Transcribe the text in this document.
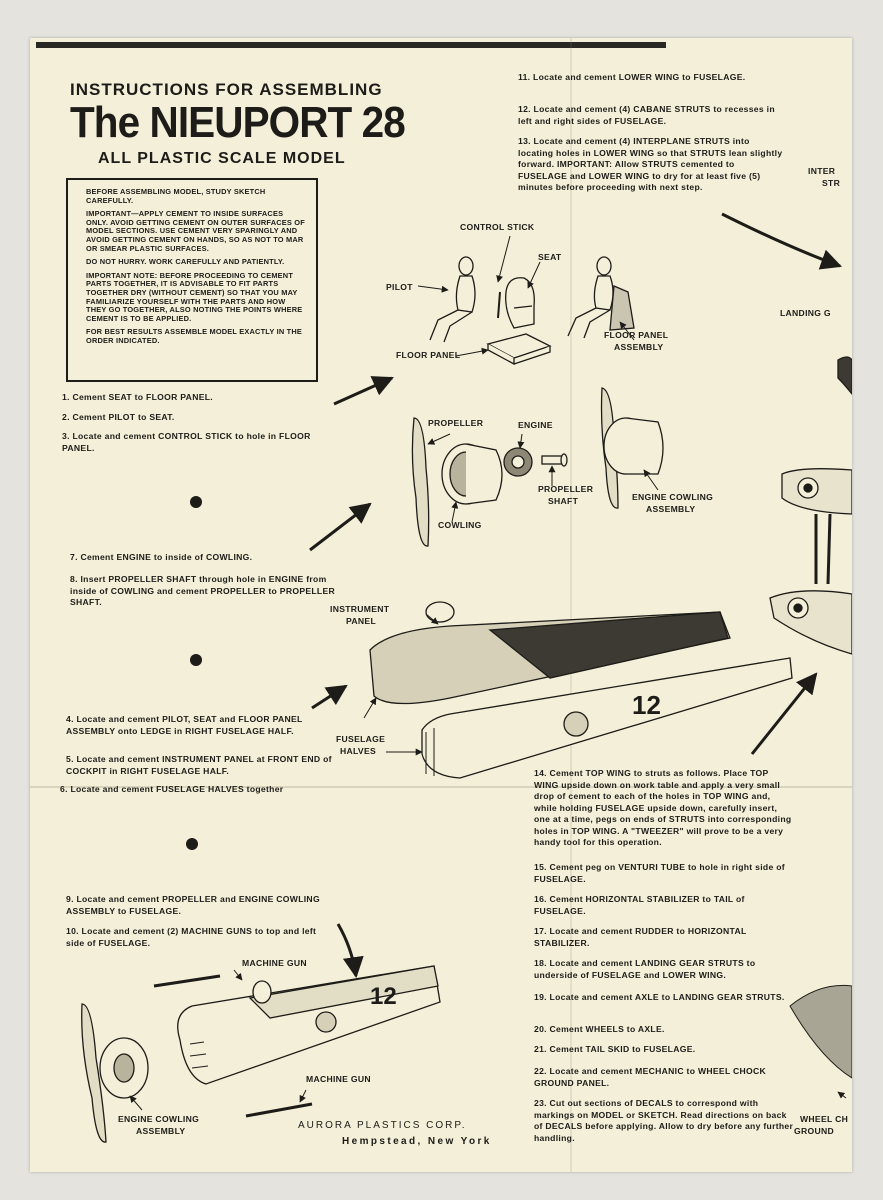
INSTRUCTIONS FOR ASSEMBLING
The NIEUPORT 28
ALL PLASTIC SCALE MODEL

BEFORE ASSEMBLING MODEL, STUDY SKETCH CAREFULLY.

IMPORTANT—APPLY CEMENT TO INSIDE SURFACES ONLY. AVOID GETTING CEMENT ON OUTER SURFACES OF MODEL SECTIONS. USE CEMENT VERY SPARINGLY AND AVOID GETTING CEMENT ON HANDS, SO AS NOT TO MAR OR SMEAR PLASTIC SURFACES.

DO NOT HURRY. WORK CAREFULLY AND PATIENTLY.

IMPORTANT NOTE: BEFORE PROCEEDING TO CEMENT PARTS TOGETHER, IT IS ADVISABLE TO FIT PARTS TOGETHER DRY (WITHOUT CEMENT) SO THAT YOU MAY FAMILIARIZE YOURSELF WITH THE PARTS AND HOW THEY GO TOGETHER, ALSO NOTING THE POINTS WHERE CEMENT IS TO BE APPLIED.

FOR BEST RESULTS ASSEMBLE MODEL EXACTLY IN THE ORDER INDICATED.

1. Cement SEAT to FLOOR PANEL.
2. Cement PILOT to SEAT.
3. Locate and cement CONTROL STICK to hole in FLOOR PANEL.
7. Cement ENGINE to inside of COWLING.
8. Insert PROPELLER SHAFT through hole in ENGINE from inside of COWLING and cement PROPELLER to PROPELLER SHAFT.
4. Locate and cement PILOT, SEAT and FLOOR PANEL ASSEMBLY onto LEDGE in RIGHT FUSELAGE HALF.
5. Locate and cement INSTRUMENT PANEL at FRONT END of COCKPIT in RIGHT FUSELAGE HALF.
6. Locate and cement FUSELAGE HALVES together
9. Locate and cement PROPELLER and ENGINE COWLING ASSEMBLY to FUSELAGE.
10. Locate and cement (2) MACHINE GUNS to top and left side of FUSELAGE.
11. Locate and cement LOWER WING to FUSELAGE.
12. Locate and cement (4) CABANE STRUTS to recesses in left and right sides of FUSELAGE.
13. Locate and cement (4) INTERPLANE STRUTS into locating holes in LOWER WING so that STRUTS lean slightly forward. IMPORTANT: Allow STRUTS cemented to FUSELAGE and LOWER WING to dry for at least five (5) minutes before proceeding with next step.
14. Cement TOP WING to struts as follows. Place TOP WING upside down on work table and apply a very small drop of cement to each of the holes in TOP WING and, while holding FUSELAGE upside down, carefully insert, one at a time, pegs on ends of STRUTS into corresponding holes in TOP WING. A "TWEEZER" will prove to be a very handy tool for this operation.
15. Cement peg on VENTURI TUBE to hole in right side of FUSELAGE.
16. Cement HORIZONTAL STABILIZER to TAIL of FUSELAGE.
17. Locate and cement RUDDER to HORIZONTAL STABILIZER.
18. Locate and cement LANDING GEAR STRUTS to underside of FUSELAGE and LOWER WING.
19. Locate and cement AXLE to LANDING GEAR STRUTS.
20. Cement WHEELS to AXLE.
21. Cement TAIL SKID to FUSELAGE.
22. Locate and cement MECHANIC to WHEEL CHOCK GROUND PANEL.
23. Cut out sections of DECALS to correspond with markings on MODEL or SKETCH. Read directions on back of DECALS before applying. Allow to dry before any further handling.
12
12
CONTROL STICK
SEAT
PILOT
FLOOR PANEL
FLOOR PANEL
ASSEMBLY
PROPELLER	ENGINE
PROPELLER
SHAFT
COWLING
ENGINE COWLING
ASSEMBLY
INSTRUMENT
PANEL
FUSELAGE
HALVES
MACHINE GUN
MACHINE GUN
ENGINE COWLING
ASSEMBLY
INTER
STR
LANDING G
WHEEL CH
GROUND
AURORA PLASTICS CORP.
Hempstead, New York
